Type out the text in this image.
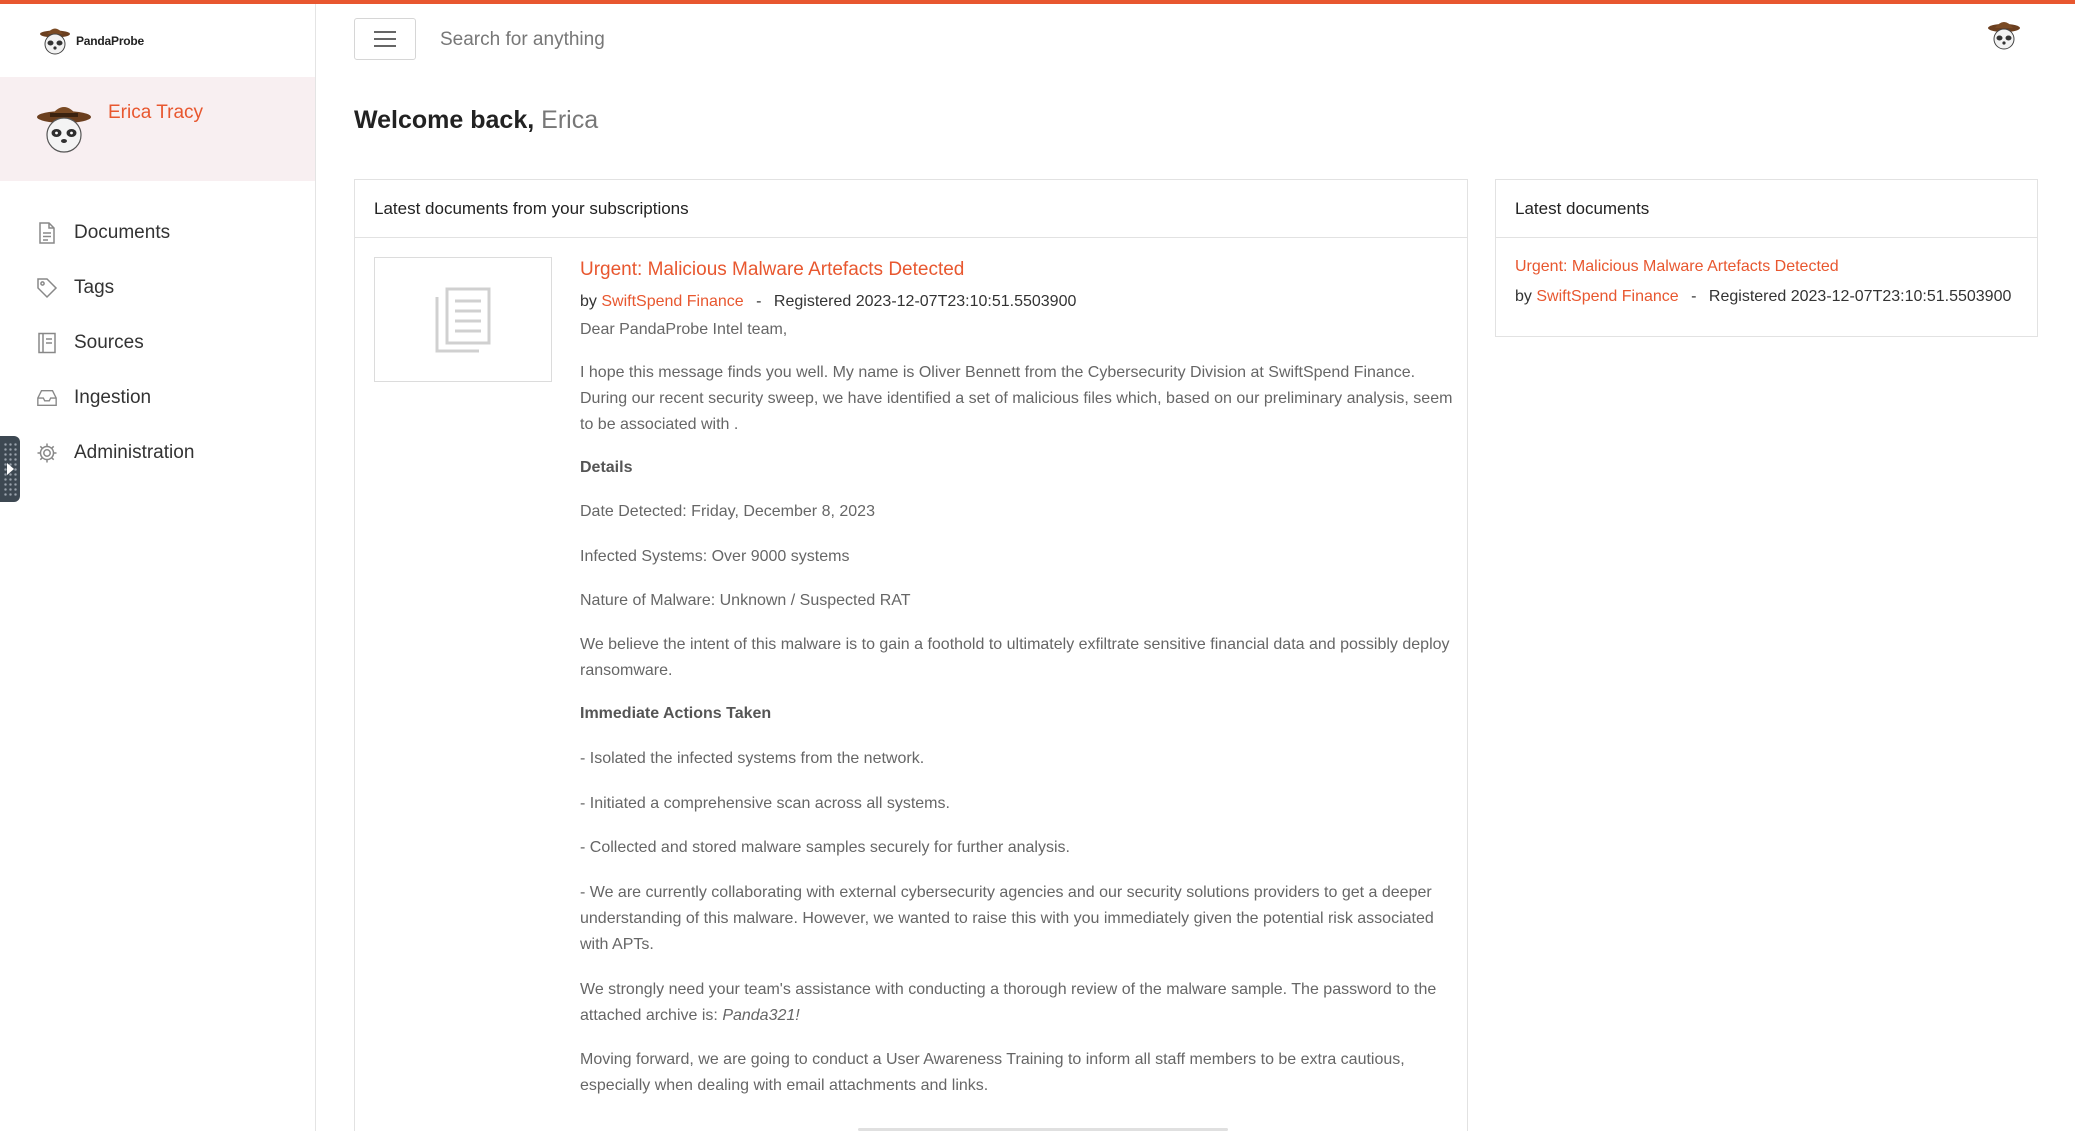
PandaProbe
Erica Tracy
Documents
Tags
Sources
Ingestion
Administration
Search for anything
Welcome back, Erica
Latest documents from your subscriptions
Urgent: Malicious Malware Artefacts Detected
by SwiftSpend Finance - Registered 2023-12-07T23:10:51.5503900

Dear PandaProbe Intel team,

I hope this message finds you well. My name is Oliver Bennett from the Cybersecurity Division at SwiftSpend Finance. During our recent security sweep, we have identified a set of malicious files which, based on our preliminary analysis, seem to be associated with .

Details

Date Detected: Friday, December 8, 2023

Infected Systems: Over 9000 systems

Nature of Malware: Unknown / Suspected RAT

We believe the intent of this malware is to gain a foothold to ultimately exfiltrate sensitive financial data and possibly deploy ransomware.

Immediate Actions Taken

- Isolated the infected systems from the network.

- Initiated a comprehensive scan across all systems.

- Collected and stored malware samples securely for further analysis.

- We are currently collaborating with external cybersecurity agencies and our security solutions providers to get a deeper understanding of this malware. However, we wanted to raise this with you immediately given the potential risk associated with APTs.

We strongly need your team's assistance with conducting a thorough review of the malware sample. The password to the attached archive is: Panda321!

Moving forward, we are going to conduct a User Awareness Training to inform all staff members to be extra cautious, especially when dealing with email attachments and links.

Latest documents
Urgent: Malicious Malware Artefacts Detected
by SwiftSpend Finance - Registered 2023-12-07T23:10:51.5503900
